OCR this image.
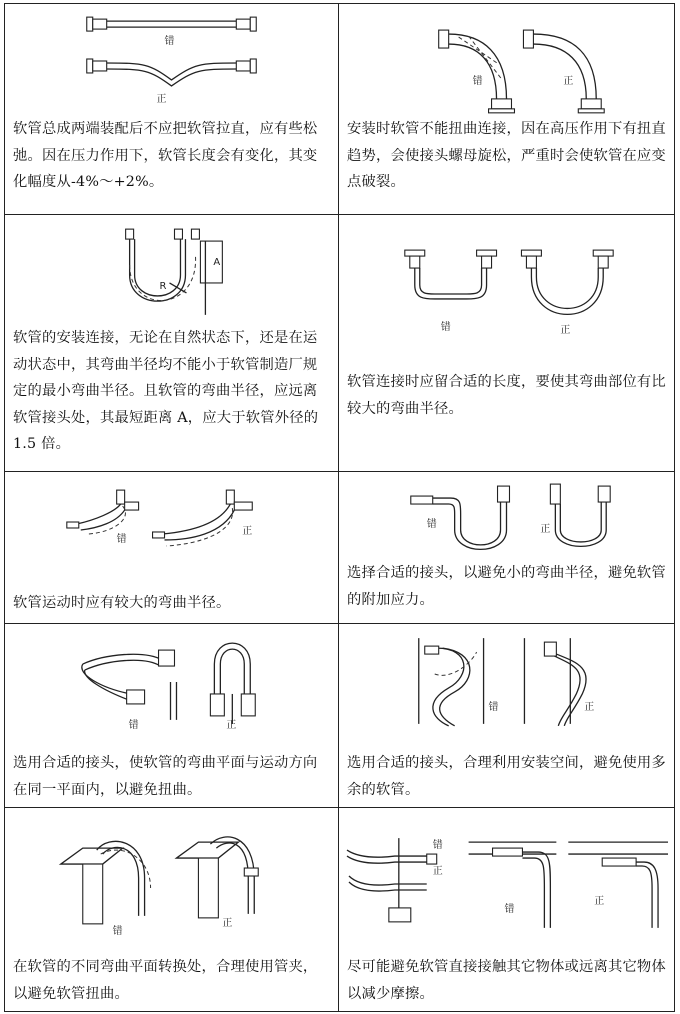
错
正
软管总成两端装配后不应把软管拉直，应有些松弛。因在压力作用下，软管长度会有变化，其变化幅度从-4%～+2%。	错 正
安装时软管不能扭曲连接，因在高压作用下有扭直趋势，会使接头螺母旋松，严重时会使软管在应变点破裂。

A
R
软管的安装连接，无论在自然状态下，还是在运动状态中，其弯曲半径均不能小于软管制造厂规定的最小弯曲半径。且软管的弯曲半径，应远离软管接头处，其最短距离 A，应大于软管外径的 1.5 倍。	错 正
软管连接时应留合适的长度，要使其弯曲部位有比较大的弯曲半径。

错
正
软管运动时应有较大的弯曲半径。	错 正
选择合适的接头，以避免小的弯曲半径，避免软管的附加应力。

错 正
选用合适的接头，使软管的弯曲平面与运动方向在同一平面内，以避免扭曲。	错 正
选用合适的接头，合理利用安装空间，避免使用多余的软管。

错
正
在软管的不同弯曲平面转换处，合理使用管夹，以避免软管扭曲。	错
正
错
正
尽可能避免软管直接接触其它物体或远离其它物体以减少摩擦。
